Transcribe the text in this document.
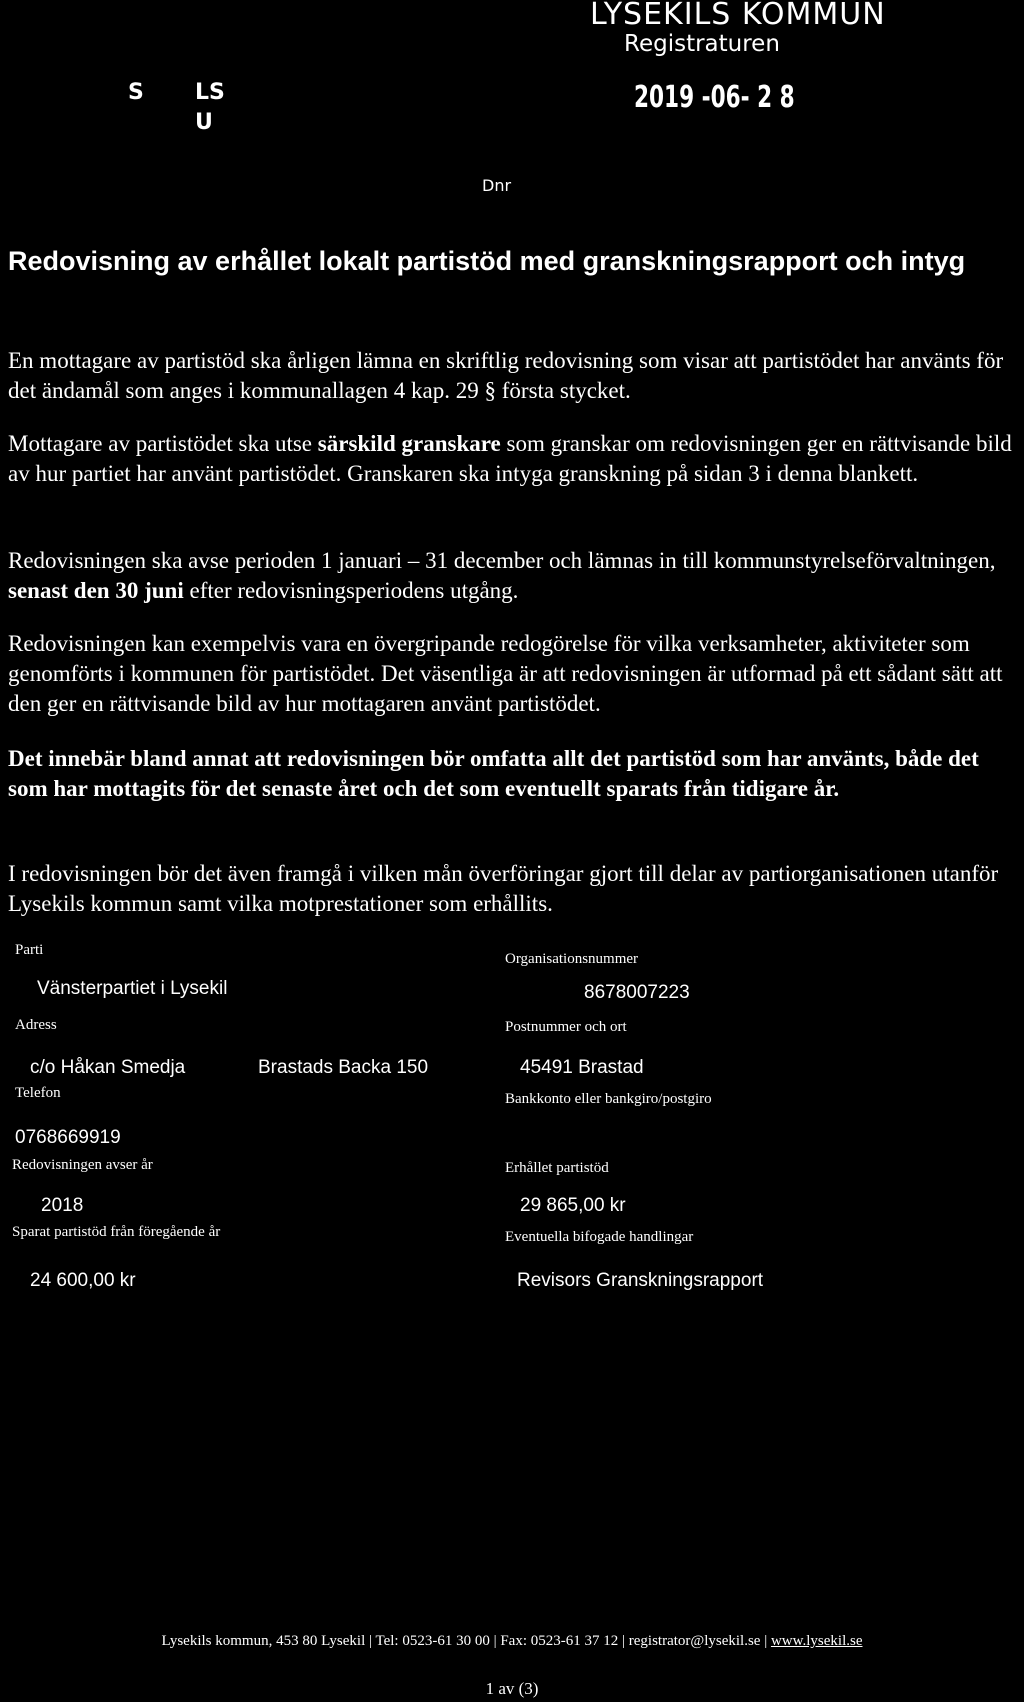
LYSEKILS KOMMUN
Registraturen
2019 -06- 2 8
S LS
U
Dnr
Redovisning av erhållet lokalt partistöd med granskningsrapport och intyg
En mottagare av partistöd ska årligen lämna en skriftlig redovisning som visar att partistödet har använts för det ändamål som anges i kommunallagen 4 kap. 29 § första stycket.
Mottagare av partistödet ska utse särskild granskare som granskar om redovisningen ger en rättvisande bild av hur partiet har använt partistödet. Granskaren ska intyga granskning på sidan 3 i denna blankett.
Redovisningen ska avse perioden 1 januari – 31 december och lämnas in till kommunstyrelseförvaltningen, senast den 30 juni efter redovisningsperiodens utgång.
Redovisningen kan exempelvis vara en övergripande redogörelse för vilka verksamheter, aktiviteter som genomförts i kommunen för partistödet. Det väsentliga är att redovisningen är utformad på ett sådant sätt att den ger en rättvisande bild av hur mottagaren använt partistödet.
Det innebär bland annat att redovisningen bör omfatta allt det partistöd som har använts, både det som har mottagits för det senaste året och det som eventuellt sparats från tidigare år.
I redovisningen bör det även framgå i vilken mån överföringar gjort till delar av partiorganisationen utanför Lysekils kommun samt vilka motprestationer som erhållits.
Parti
Vänsterpartiet i Lysekil
Adress
c/o Håkan Smedja	Brastads Backa 150
Telefon
0768669919
Redovisningen avser år
2018
Sparat partistöd från föregående år
24 600,00 kr
Organisationsnummer
8678007223
Postnummer och ort
45491 Brastad
Bankkonto eller bankgiro/postgiro
Erhållet partistöd
29 865,00 kr
Eventuella bifogade handlingar
Revisors Granskningsrapport
Lysekils kommun, 453 80 Lysekil | Tel: 0523-61 30 00 | Fax: 0523-61 37 12 | registrator@lysekil.se | www.lysekil.se
1 av (3)
